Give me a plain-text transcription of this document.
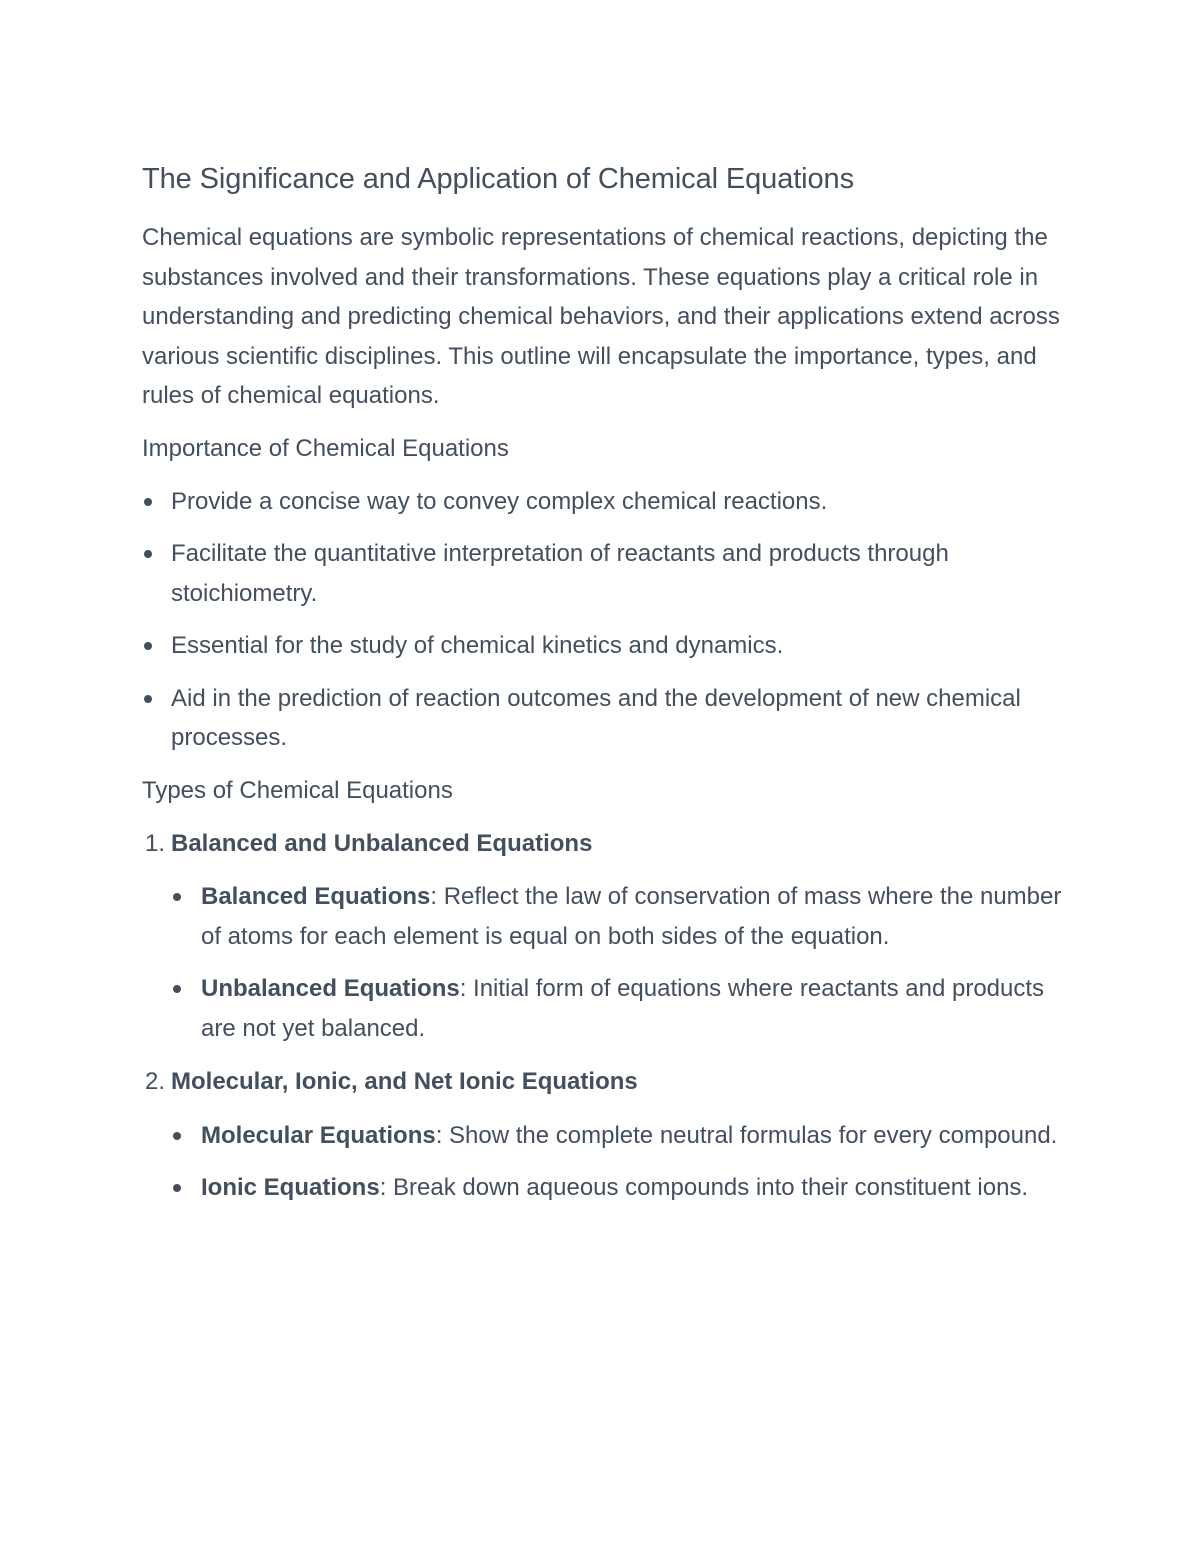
The Significance and Application of Chemical Equations

Chemical equations are symbolic representations of chemical reactions, depicting the substances involved and their transformations. These equations play a critical role in understanding and predicting chemical behaviors, and their applications extend across various scientific disciplines. This outline will encapsulate the importance, types, and rules of chemical equations.

Importance of Chemical Equations
Provide a concise way to convey complex chemical reactions.
Facilitate the quantitative interpretation of reactants and products through stoichiometry.
Essential for the study of chemical kinetics and dynamics.
Aid in the prediction of reaction outcomes and the development of new chemical processes.
Types of Chemical Equations
1. Balanced and Unbalanced Equations
Balanced Equations: Reflect the law of conservation of mass where the number of atoms for each element is equal on both sides of the equation.
Unbalanced Equations: Initial form of equations where reactants and products are not yet balanced.
2. Molecular, Ionic, and Net Ionic Equations
Molecular Equations: Show the complete neutral formulas for every compound.
Ionic Equations: Break down aqueous compounds into their constituent ions.
